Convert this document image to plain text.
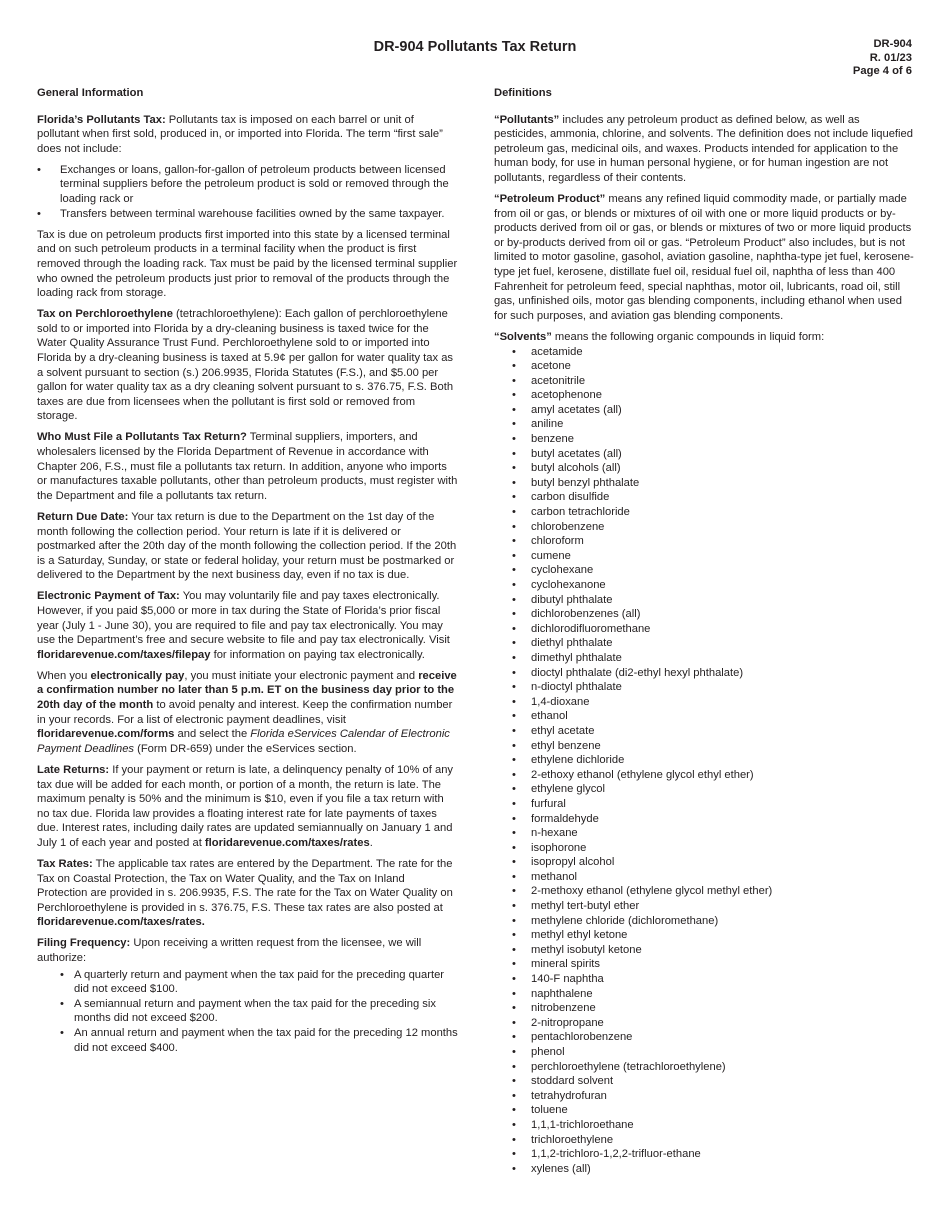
DR-904 Pollutants Tax Return	DR-904
R. 01/23
Page 4 of 6
General Information

Florida’s Pollutants Tax: Pollutants tax is imposed on each barrel or unit of pollutant when first sold, produced in, or imported into Florida. The term “first sale” does not include:

• Exchanges or loans, gallon-for-gallon of petroleum products between licensed terminal suppliers before the petroleum product is sold or removed through the loading rack or
• Transfers between terminal warehouse facilities owned by the same taxpayer.

Tax is due on petroleum products first imported into this state by a licensed terminal and on such petroleum products in a terminal facility when the product is first removed through the loading rack. Tax must be paid by the licensed terminal supplier who owned the petroleum products just prior to removal of the products through the loading rack from storage.

Tax on Perchloroethylene (tetrachloroethylene): Each gallon of perchloroethylene sold to or imported into Florida by a dry-cleaning business is taxed twice for the Water Quality Assurance Trust Fund. Perchloroethylene sold to or imported into Florida by a dry-cleaning business is taxed at 5.9¢ per gallon for water quality tax as a solvent pursuant to section (s.) 206.9935, Florida Statutes (F.S.), and $5.00 per gallon for water quality tax as a dry cleaning solvent pursuant to s. 376.75, F.S. Both taxes are due from licensees when the pollutant is first sold or removed from storage.

Who Must File a Pollutants Tax Return? Terminal suppliers, importers, and wholesalers licensed by the Florida Department of Revenue in accordance with Chapter 206, F.S., must file a pollutants tax return. In addition, anyone who imports or manufactures taxable pollutants, other than petroleum products, must register with the Department and file a pollutants tax return.

Return Due Date: Your tax return is due to the Department on the 1st day of the month following the collection period. Your return is late if it is delivered or postmarked after the 20th day of the month following the collection period. If the 20th is a Saturday, Sunday, or state or federal holiday, your return must be postmarked or delivered to the Department by the next business day, even if no tax is due.

Electronic Payment of Tax: You may voluntarily file and pay taxes electronically. However, if you paid $5,000 or more in tax during the State of Florida’s prior fiscal year (July 1 - June 30), you are required to file and pay tax electronically. You may use the Department’s free and secure website to file and pay tax electronically. Visit floridarevenue.com/taxes/filepay for information on paying tax electronically.

When you electronically pay, you must initiate your electronic payment and receive a confirmation number no later than 5 p.m. ET on the business day prior to the 20th day of the month to avoid penalty and interest. Keep the confirmation number in your records. For a list of electronic payment deadlines, visit floridarevenue.com/forms and select the Florida eServices Calendar of Electronic Payment Deadlines (Form DR-659) under the eServices section.

Late Returns: If your payment or return is late, a delinquency penalty of 10% of any tax due will be added for each month, or portion of a month, the return is late. The maximum penalty is 50% and the minimum is $10, even if you file a tax return with no tax due. Florida law provides a floating interest rate for late payments of taxes due. Interest rates, including daily rates are updated semiannually on January 1 and July 1 of each year and posted at floridarevenue.com/taxes/rates.

Tax Rates: The applicable tax rates are entered by the Department. The rate for the Tax on Coastal Protection, the Tax on Water Quality, and the Tax on Inland Protection are provided in s. 206.9935, F.S. The rate for the Tax on Water Quality on Perchloroethylene is provided in s. 376.75, F.S. These tax rates are also posted at floridarevenue.com/taxes/rates.

Filing Frequency: Upon receiving a written request from the licensee, we will authorize:

• A quarterly return and payment when the tax paid for the preceding quarter did not exceed $100.
• A semiannual return and payment when the tax paid for the preceding six months did not exceed $200.
• An annual return and payment when the tax paid for the preceding 12 months did not exceed $400.
Definitions

“Pollutants” includes any petroleum product as defined below, as well as pesticides, ammonia, chlorine, and solvents. The definition does not include liquefied petroleum gas, medicinal oils, and waxes. Products intended for application to the human body, for use in human personal hygiene, or for human ingestion are not pollutants, regardless of their contents.

“Petroleum Product” means any refined liquid commodity made, or partially made from oil or gas, or blends or mixtures of oil with one or more liquid products or by-products derived from oil or gas, or blends or mixtures of two or more liquid products or by-products derived from oil or gas. “Petroleum Product” also includes, but is not limited to motor gasoline, gasohol, aviation gasoline, naphtha-type jet fuel, kerosene-type jet fuel, kerosene, distillate fuel oil, residual fuel oil, naphtha of less than 400 Fahrenheit for petroleum feed, special naphthas, motor oil, lubricants, road oil, still gas, unfinished oils, motor gas blending components, including ethanol when used for such purposes, and aviation gas blending components.

“Solvents” means the following organic compounds in liquid form:

• acetamide
• acetone
• acetonitrile
• acetophenone
• amyl acetates (all)
• aniline
• benzene
• butyl acetates (all)
• butyl alcohols (all)
• butyl benzyl phthalate
• carbon disulfide
• carbon tetrachloride
• chlorobenzene
• chloroform
• cumene
• cyclohexane
• cyclohexanone
• dibutyl phthalate
• dichlorobenzenes (all)
• dichlorodifluoromethane
• diethyl phthalate
• dimethyl phthalate
• dioctyl phthalate (di2-ethyl hexyl phthalate)
• n-dioctyl phthalate
• 1,4-dioxane
• ethanol
• ethyl acetate
• ethyl benzene
• ethylene dichloride
• 2-ethoxy ethanol (ethylene glycol ethyl ether)
• ethylene glycol
• furfural
• formaldehyde
• n-hexane
• isophorone
• isopropyl alcohol
• methanol
• 2-methoxy ethanol (ethylene glycol methyl ether)
• methyl tert-butyl ether
• methylene chloride (dichloromethane)
• methyl ethyl ketone
• methyl isobutyl ketone
• mineral spirits
• 140-F naphtha
• naphthalene
• nitrobenzene
• 2-nitropropane
• pentachlorobenzene
• phenol
• perchloroethylene (tetrachloroethylene)
• stoddard solvent
• tetrahydrofuran
• toluene
• 1,1,1-trichloroethane
• trichloroethylene
• 1,1,2-trichloro-1,2,2-trifluor-ethane
• xylenes (all)
